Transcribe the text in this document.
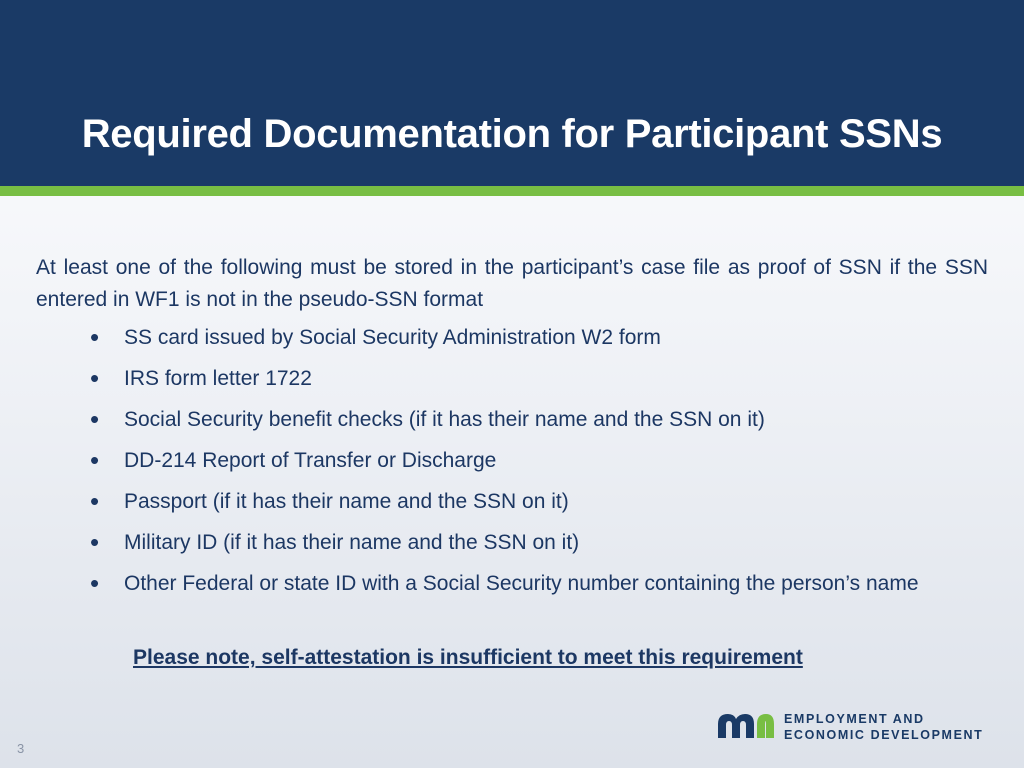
Required Documentation for Participant SSNs
At least one of the following must be stored in the participant’s case file as proof of SSN if the SSN entered in WF1 is not in the pseudo-SSN format
• SS card issued by Social Security Administration W2 form
• IRS form letter 1722
• Social Security benefit checks (if it has their name and the SSN on it)
• DD-214 Report of Transfer or Discharge
• Passport (if it has their name and the SSN on it)
• Military ID (if it has their name and the SSN on it)
• Other Federal or state ID with a Social Security number containing the person’s name
Please note, self-attestation is insufficient to meet this requirement
3
EMPLOYMENT AND
ECONOMIC DEVELOPMENT
